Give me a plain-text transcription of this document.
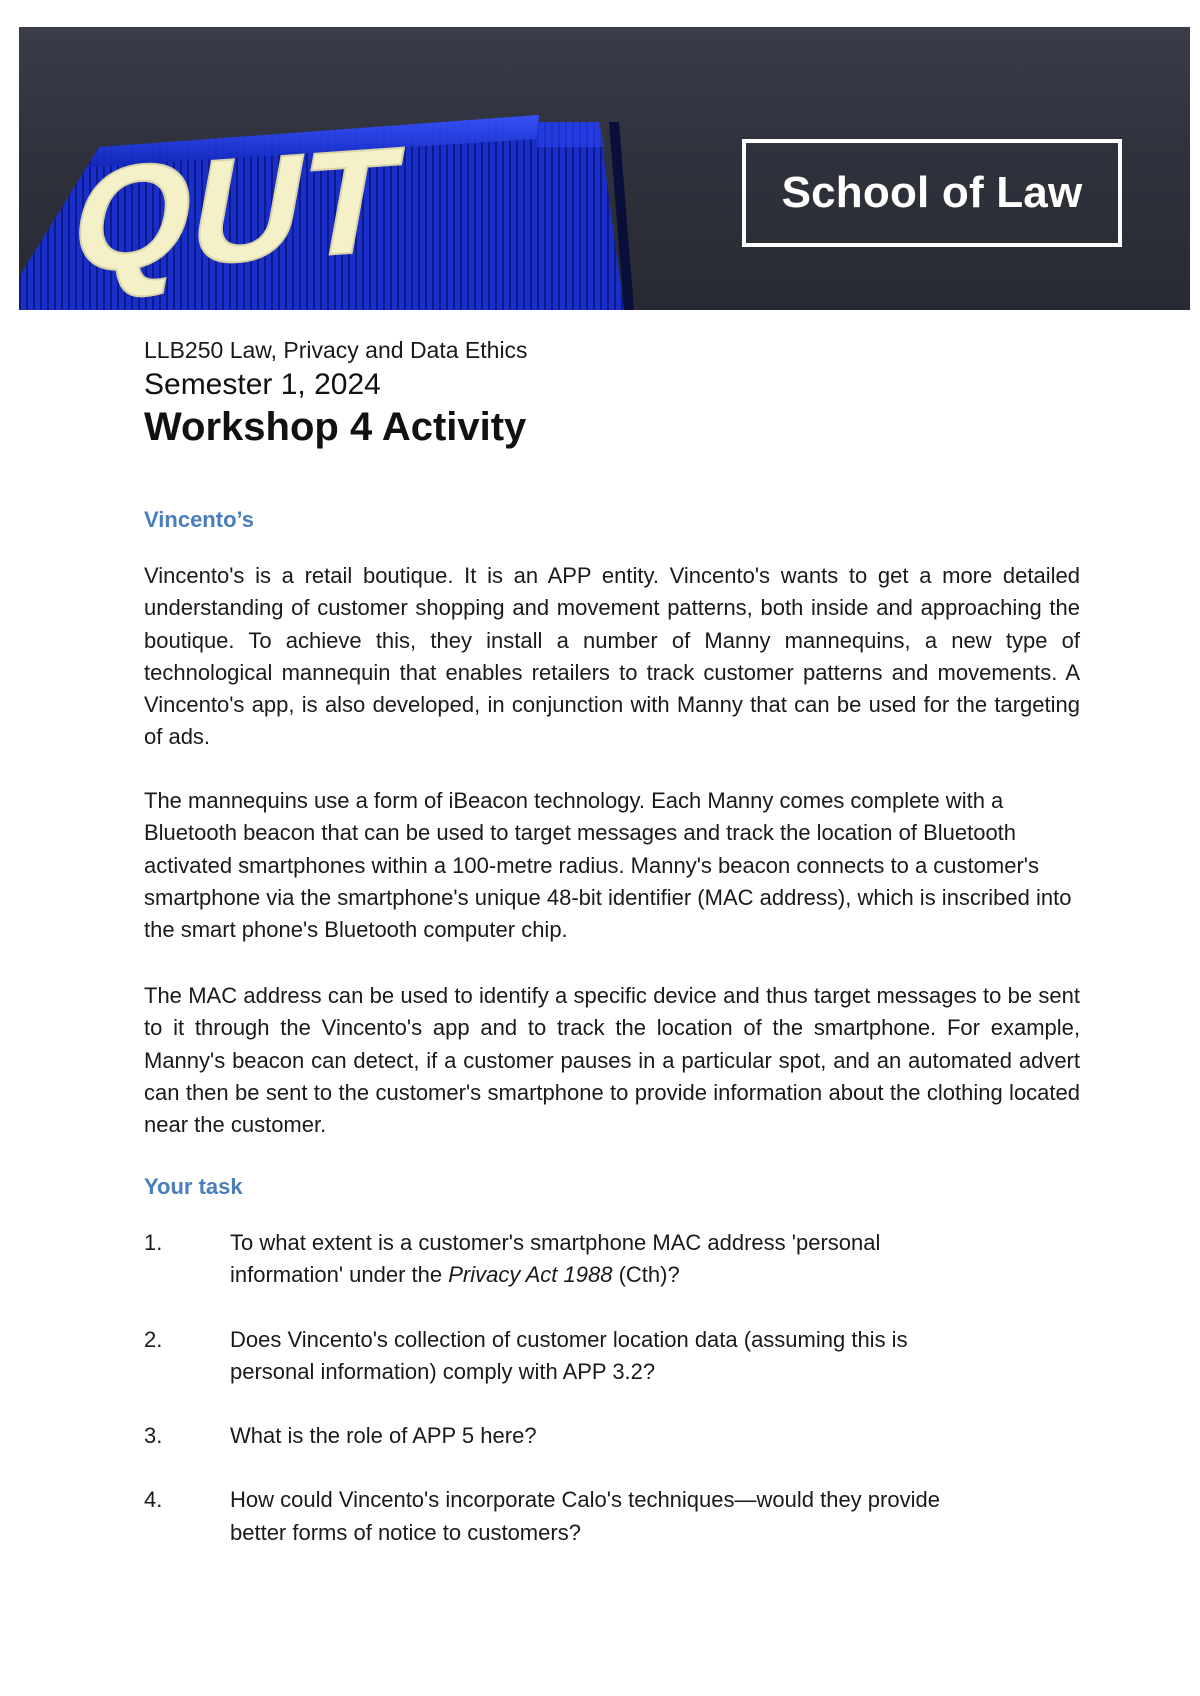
QUT	School of Law
LLB250 Law, Privacy and Data Ethics
Semester 1, 2024
Workshop 4 Activity
Vincento’s
Vincento's is a retail boutique. It is an APP entity. Vincento's wants to get a more detailed understanding of customer shopping and movement patterns, both inside and approaching the boutique. To achieve this, they install a number of Manny mannequins, a new type of technological mannequin that enables retailers to track customer patterns and movements. A Vincento's app, is also developed, in conjunction with Manny that can be used for the targeting of ads.
The mannequins use a form of iBeacon technology. Each Manny comes complete with a Bluetooth beacon that can be used to target messages and track the location of Bluetooth activated smartphones within a 100-metre radius. Manny's beacon connects to a customer's smartphone via the smartphone's unique 48-bit identifier (MAC address), which is inscribed into the smart phone's Bluetooth computer chip.
The MAC address can be used to identify a specific device and thus target messages to be sent to it through the Vincento's app and to track the location of the smartphone. For example, Manny's beacon can detect, if a customer pauses in a particular spot, and an automated advert can then be sent to the customer's smartphone to provide information about the clothing located near the customer.
Your task
1.	To what extent is a customer's smartphone MAC address 'personal information' under the Privacy Act 1988 (Cth)?
2.	Does Vincento's collection of customer location data (assuming this is personal information) comply with APP 3.2?
3.	What is the role of APP 5 here?
4.	How could Vincento's incorporate Calo's techniques—would they provide better forms of notice to customers?
